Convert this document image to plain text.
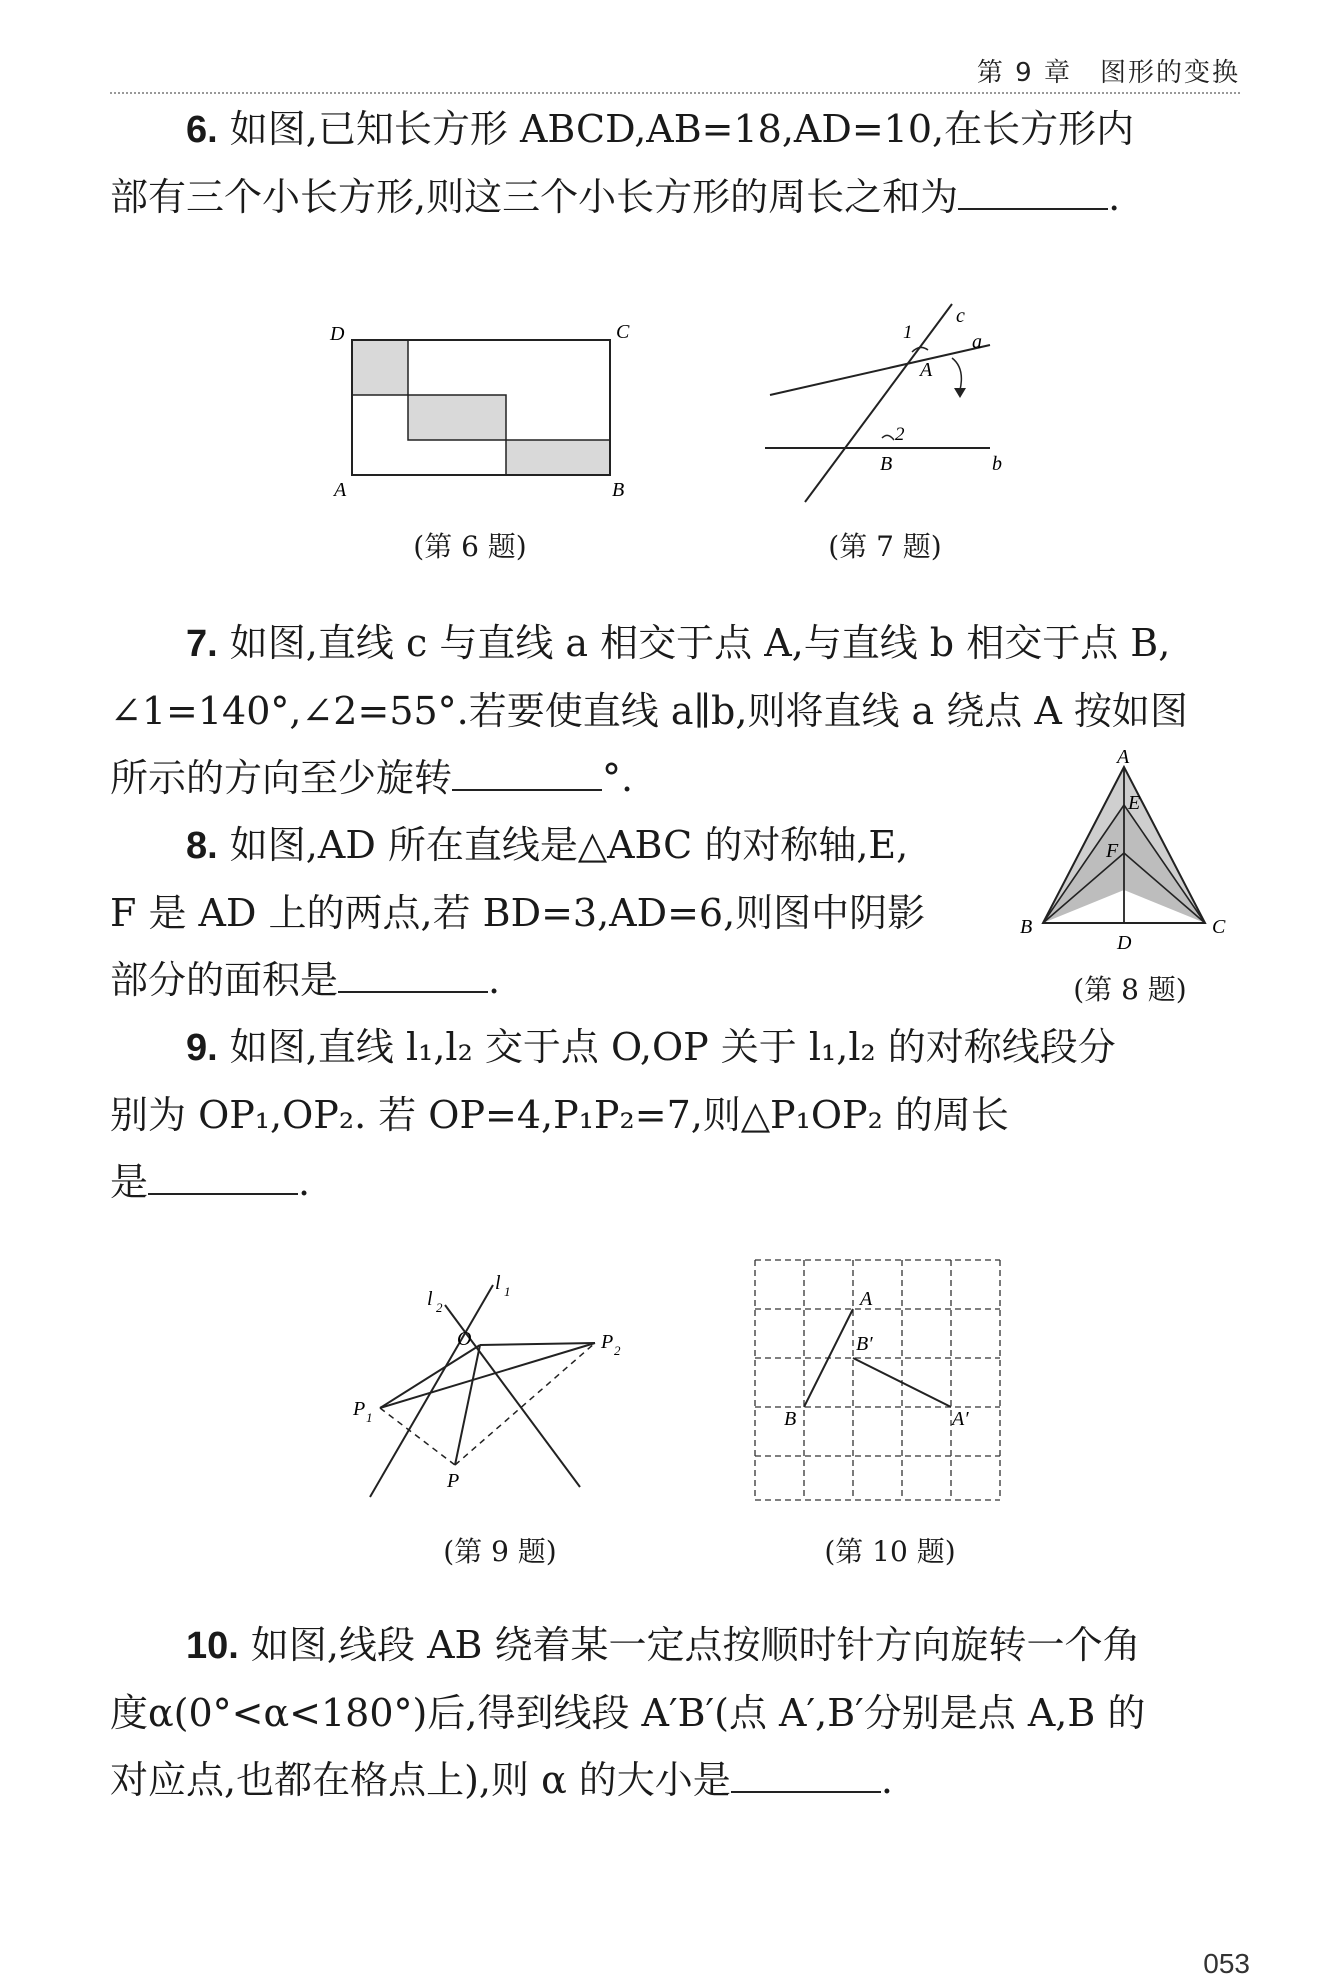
第 9 章　图形的变换
6. 如图,已知长方形 ABCD,AB=18,AD=10,在长方形内
部有三个小长方形,则这三个小长方形的周长之和为	.
D	C
A	B
(第 6 题)
c
a
A
1
2
B	b
(第 7 题)
7. 如图,直线 c 与直线 a 相交于点 A,与直线 b 相交于点 B,
∠1=140°,∠2=55°.若要使直线 a∥b,则将直线 a 绕点 A 按如图
所示的方向至少旋转	°.
8. 如图,AD 所在直线是△ABC 的对称轴,E,
F 是 AD 上的两点,若 BD=3,AD=6,则图中阴影
部分的面积是	.
A
E
F
B	C
D
(第 8 题)
9. 如图,直线 l₁,l₂ 交于点 O,OP 关于 l₁,l₂ 的对称线段分
别为 OP₁,OP₂. 若 OP=4,P₁P₂=7,则△P₁OP₂ 的周长
是	.
l 2
l 1
O	P 2
P 1
P
(第 9 题)
A
B′
B	A′
(第 10 题)
10. 如图,线段 AB 绕着某一定点按顺时针方向旋转一个角
度α(0°<α<180°)后,得到线段 A′B′(点 A′,B′分别是点 A,B 的
对应点,也都在格点上),则 α 的大小是	.
053
